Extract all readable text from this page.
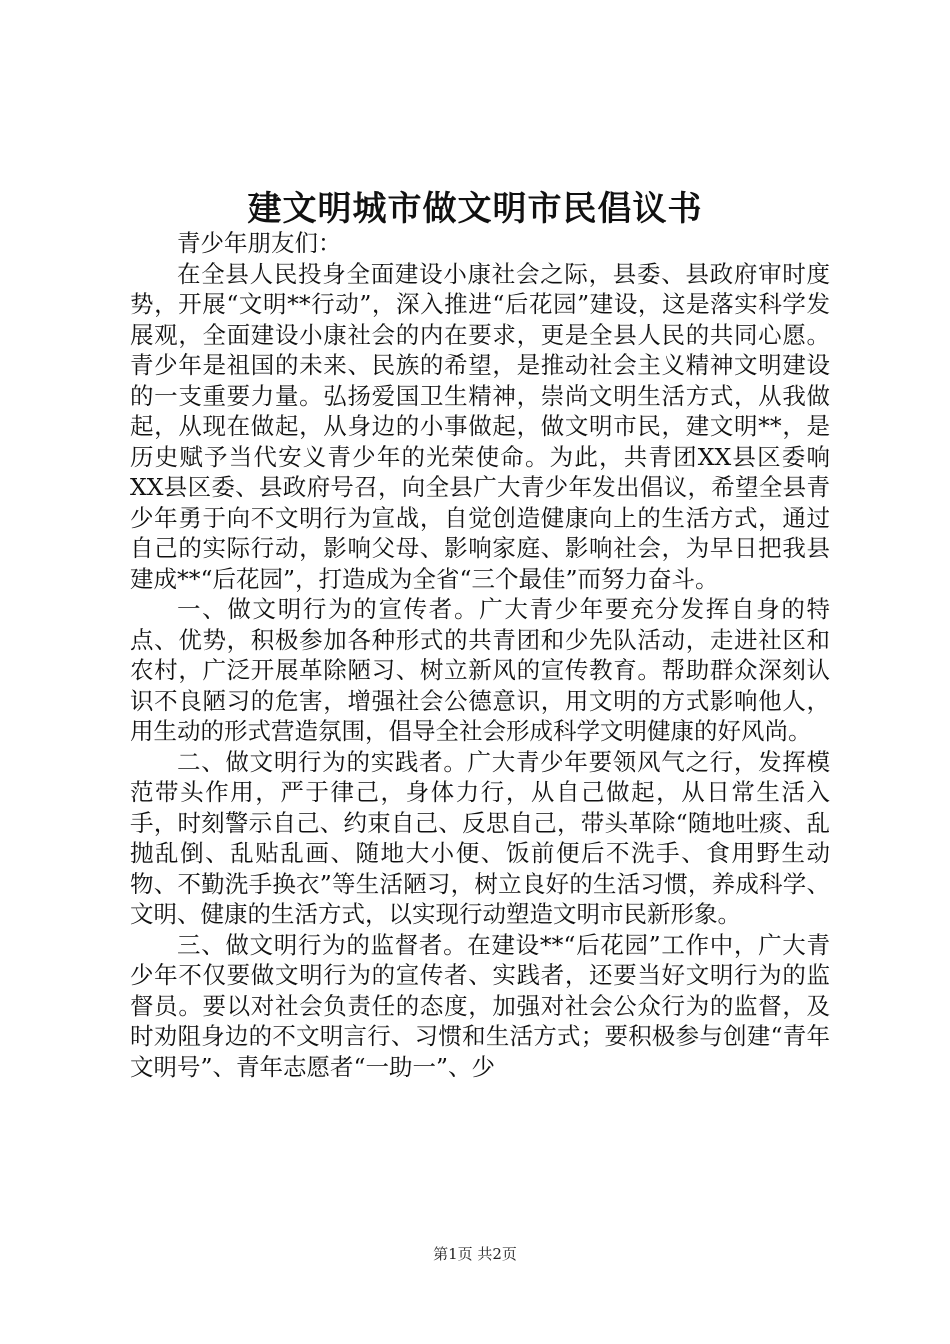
建文明城市做文明市民倡议书

青少年朋友们：

在全县人民投身全面建设小康社会之际，县委、县政府审时度势，开展“文明**行动”，深入推进“后花园”建设，这是落实科学发展观，全面建设小康社会的内在要求，更是全县人民的共同心愿。青少年是祖国的未来、民族的希望，是推动社会主义精神文明建设的一支重要力量。弘扬爱国卫生精神，崇尚文明生活方式，从我做起，从现在做起，从身边的小事做起，做文明市民，建文明**，是历史赋予当代安义青少年的光荣使命。为此，共青团XX县区委响XX县区委、县政府号召，向全县广大青少年发出倡议，希望全县青少年勇于向不文明行为宣战，自觉创造健康向上的生活方式，通过自己的实际行动，影响父母、影响家庭、影响社会，为早日把我县建成**“后花园”，打造成为全省“三个最佳”而努力奋斗。

一、做文明行为的宣传者。广大青少年要充分发挥自身的特点、优势，积极参加各种形式的共青团和少先队活动，走进社区和农村，广泛开展革除陋习、树立新风的宣传教育。帮助群众深刻认识不良陋习的危害，增强社会公德意识，用文明的方式影响他人，用生动的形式营造氛围，倡导全社会形成科学文明健康的好风尚。

二、做文明行为的实践者。广大青少年要领风气之行，发挥模范带头作用，严于律己，身体力行，从自己做起，从日常生活入手，时刻警示自己、约束自己、反思自己，带头革除“随地吐痰、乱抛乱倒、乱贴乱画、随地大小便、饭前便后不洗手、食用野生动物、不勤洗手换衣”等生活陋习，树立良好的生活习惯，养成科学、文明、健康的生活方式，以实现行动塑造文明市民新形象。

三、做文明行为的监督者。在建设**“后花园”工作中，广大青少年不仅要做文明行为的宣传者、实践者，还要当好文明行为的监督员。要以对社会负责任的态度，加强对社会公众行为的监督，及时劝阻身边的不文明言行、习惯和生活方式；要积极参与创建“青年文明号”、青年志愿者“一助一”、少

第1页 共2页
